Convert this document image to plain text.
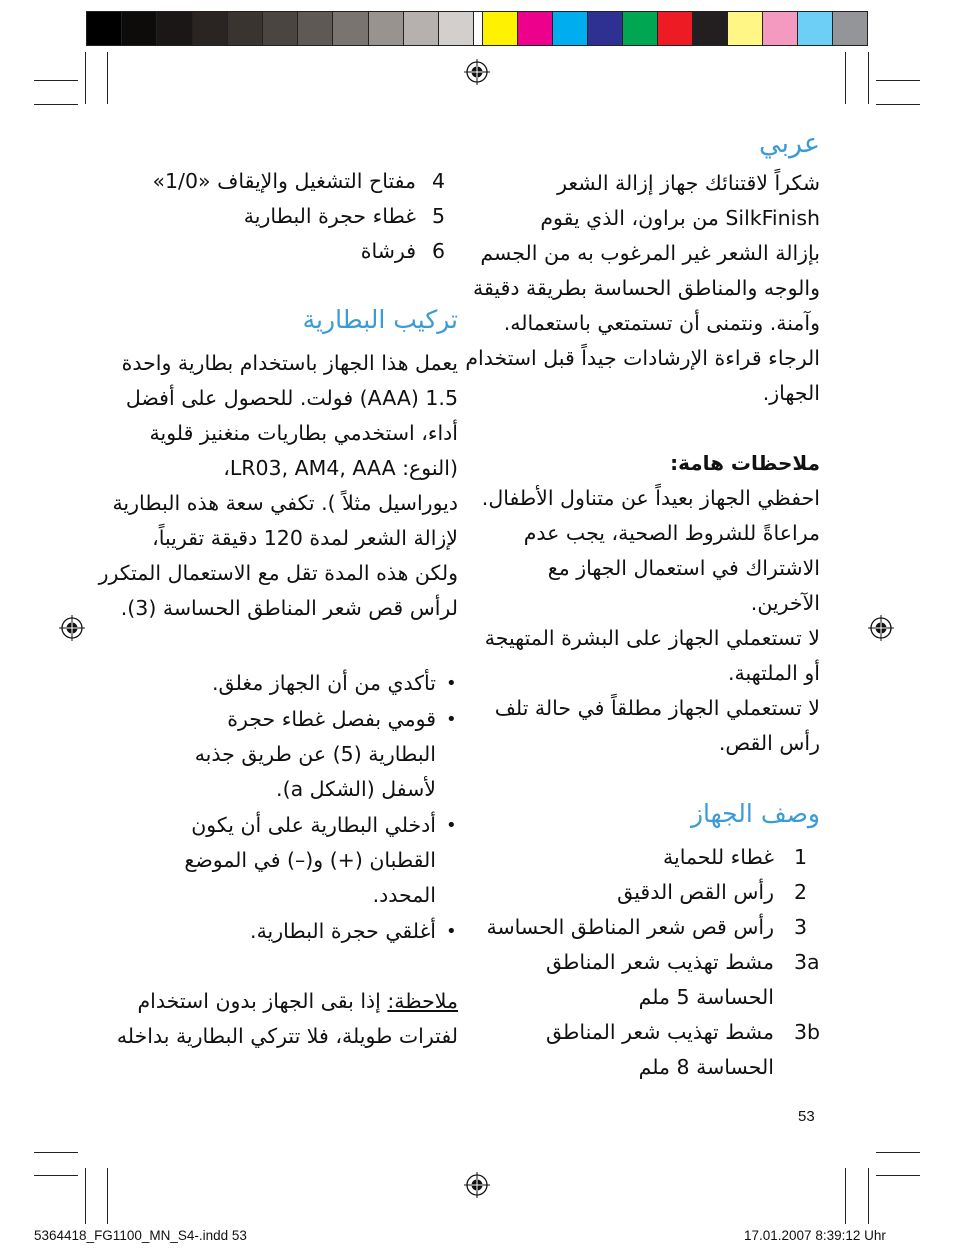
عربي
شكراً لاقتنائك جهاز إزالة الشعر
SilkFinish من براون، الذي يقوم
بإزالة الشعر غير المرغوب به من الجسم
والوجه والمناطق الحساسة بطريقة دقيقة
وآمنة. ونتمنى أن تستمتعي باستعماله.
الرجاء قراءة الإرشادات جيداً قبل استخدام
الجهاز.
ملاحظات هامة:
احفظي الجهاز بعيداً عن متناول الأطفال.
مراعاةً للشروط الصحية، يجب عدم
الاشتراك في استعمال الجهاز مع
الآخرين.
لا تستعملي الجهاز على البشرة المتهيجة
أو الملتهبة.
لا تستعملي الجهاز مطلقاً في حالة تلف
رأس القص.
وصف الجهاز
1
غطاء للحماية
2
رأس القص الدقيق
3
رأس قص شعر المناطق الحساسة
3a
مشط تهذيب شعر المناطق
الحساسة 5 ملم
3b
مشط تهذيب شعر المناطق
الحساسة 8 ملم
4
مفتاح التشغيل والإيقاف «1/0»
5
غطاء حجرة البطارية
6
فرشاة
تركيب البطارية
يعمل هذا الجهاز باستخدام بطارية واحدة
1.5 (AAA) فولت. للحصول على أفضل
أداء، استخدمي بطاريات منغنيز قلوية
(النوع: LR03, AM4, AAA،
ديوراسيل مثلاً ). تكفي سعة هذه البطارية
لإزالة الشعر لمدة 120 دقيقة تقريباً،
ولكن هذه المدة تقل مع الاستعمال المتكرر
لرأس قص شعر المناطق الحساسة (3).
•
تأكدي من أن الجهاز مغلق.
•
قومي بفصل غطاء حجرة
البطارية (5) عن طريق جذبه
لأسفل (الشكل a).
•
أدخلي البطارية على أن يكون
القطبان (+) و(–) في الموضع
المحدد.
•
أغلقي حجرة البطارية.
ملاحظة: إذا بقى الجهاز بدون استخدام
لفترات طويلة، فلا تتركي البطارية بداخله
53
5364418_FG1100_MN_S4-.indd 53	17.01.2007 8:39:12 Uhr
